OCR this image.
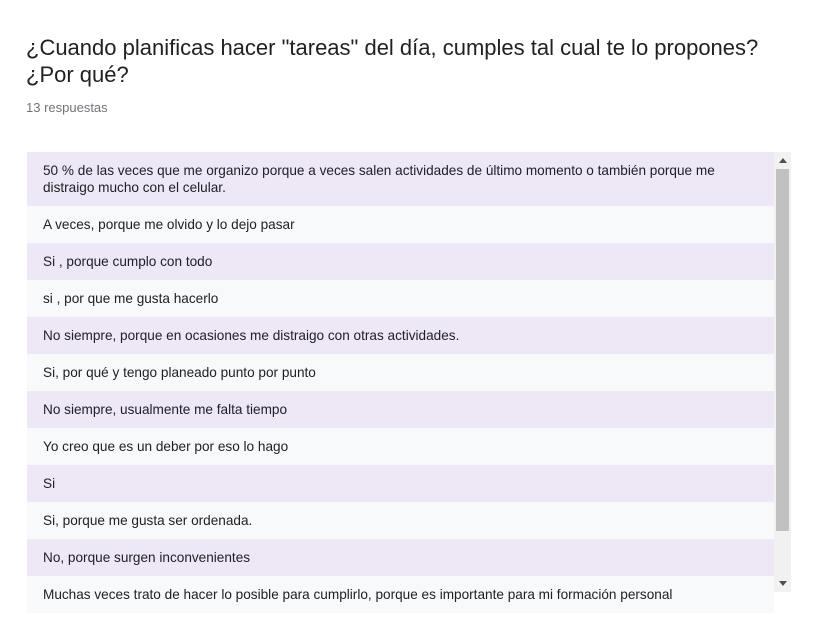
¿Cuando planificas hacer "tareas" del día, cumples tal cual te lo propones? ¿Por qué?
13 respuestas
50 % de las veces que me organizo porque a veces salen actividades de último momento o también porque me distraigo mucho con el celular.
A veces, porque me olvido y lo dejo pasar
Si , porque cumplo con todo
si , por que me gusta hacerlo
No siempre, porque en ocasiones me distraigo con otras actividades.
Si, por qué y tengo planeado punto por punto
No siempre, usualmente me falta tiempo
Yo creo que es un deber por eso lo hago
Si
Si, porque me gusta ser ordenada.
No, porque surgen inconvenientes
Muchas veces trato de hacer lo posible para cumplirlo, porque es importante para mi formación personal
